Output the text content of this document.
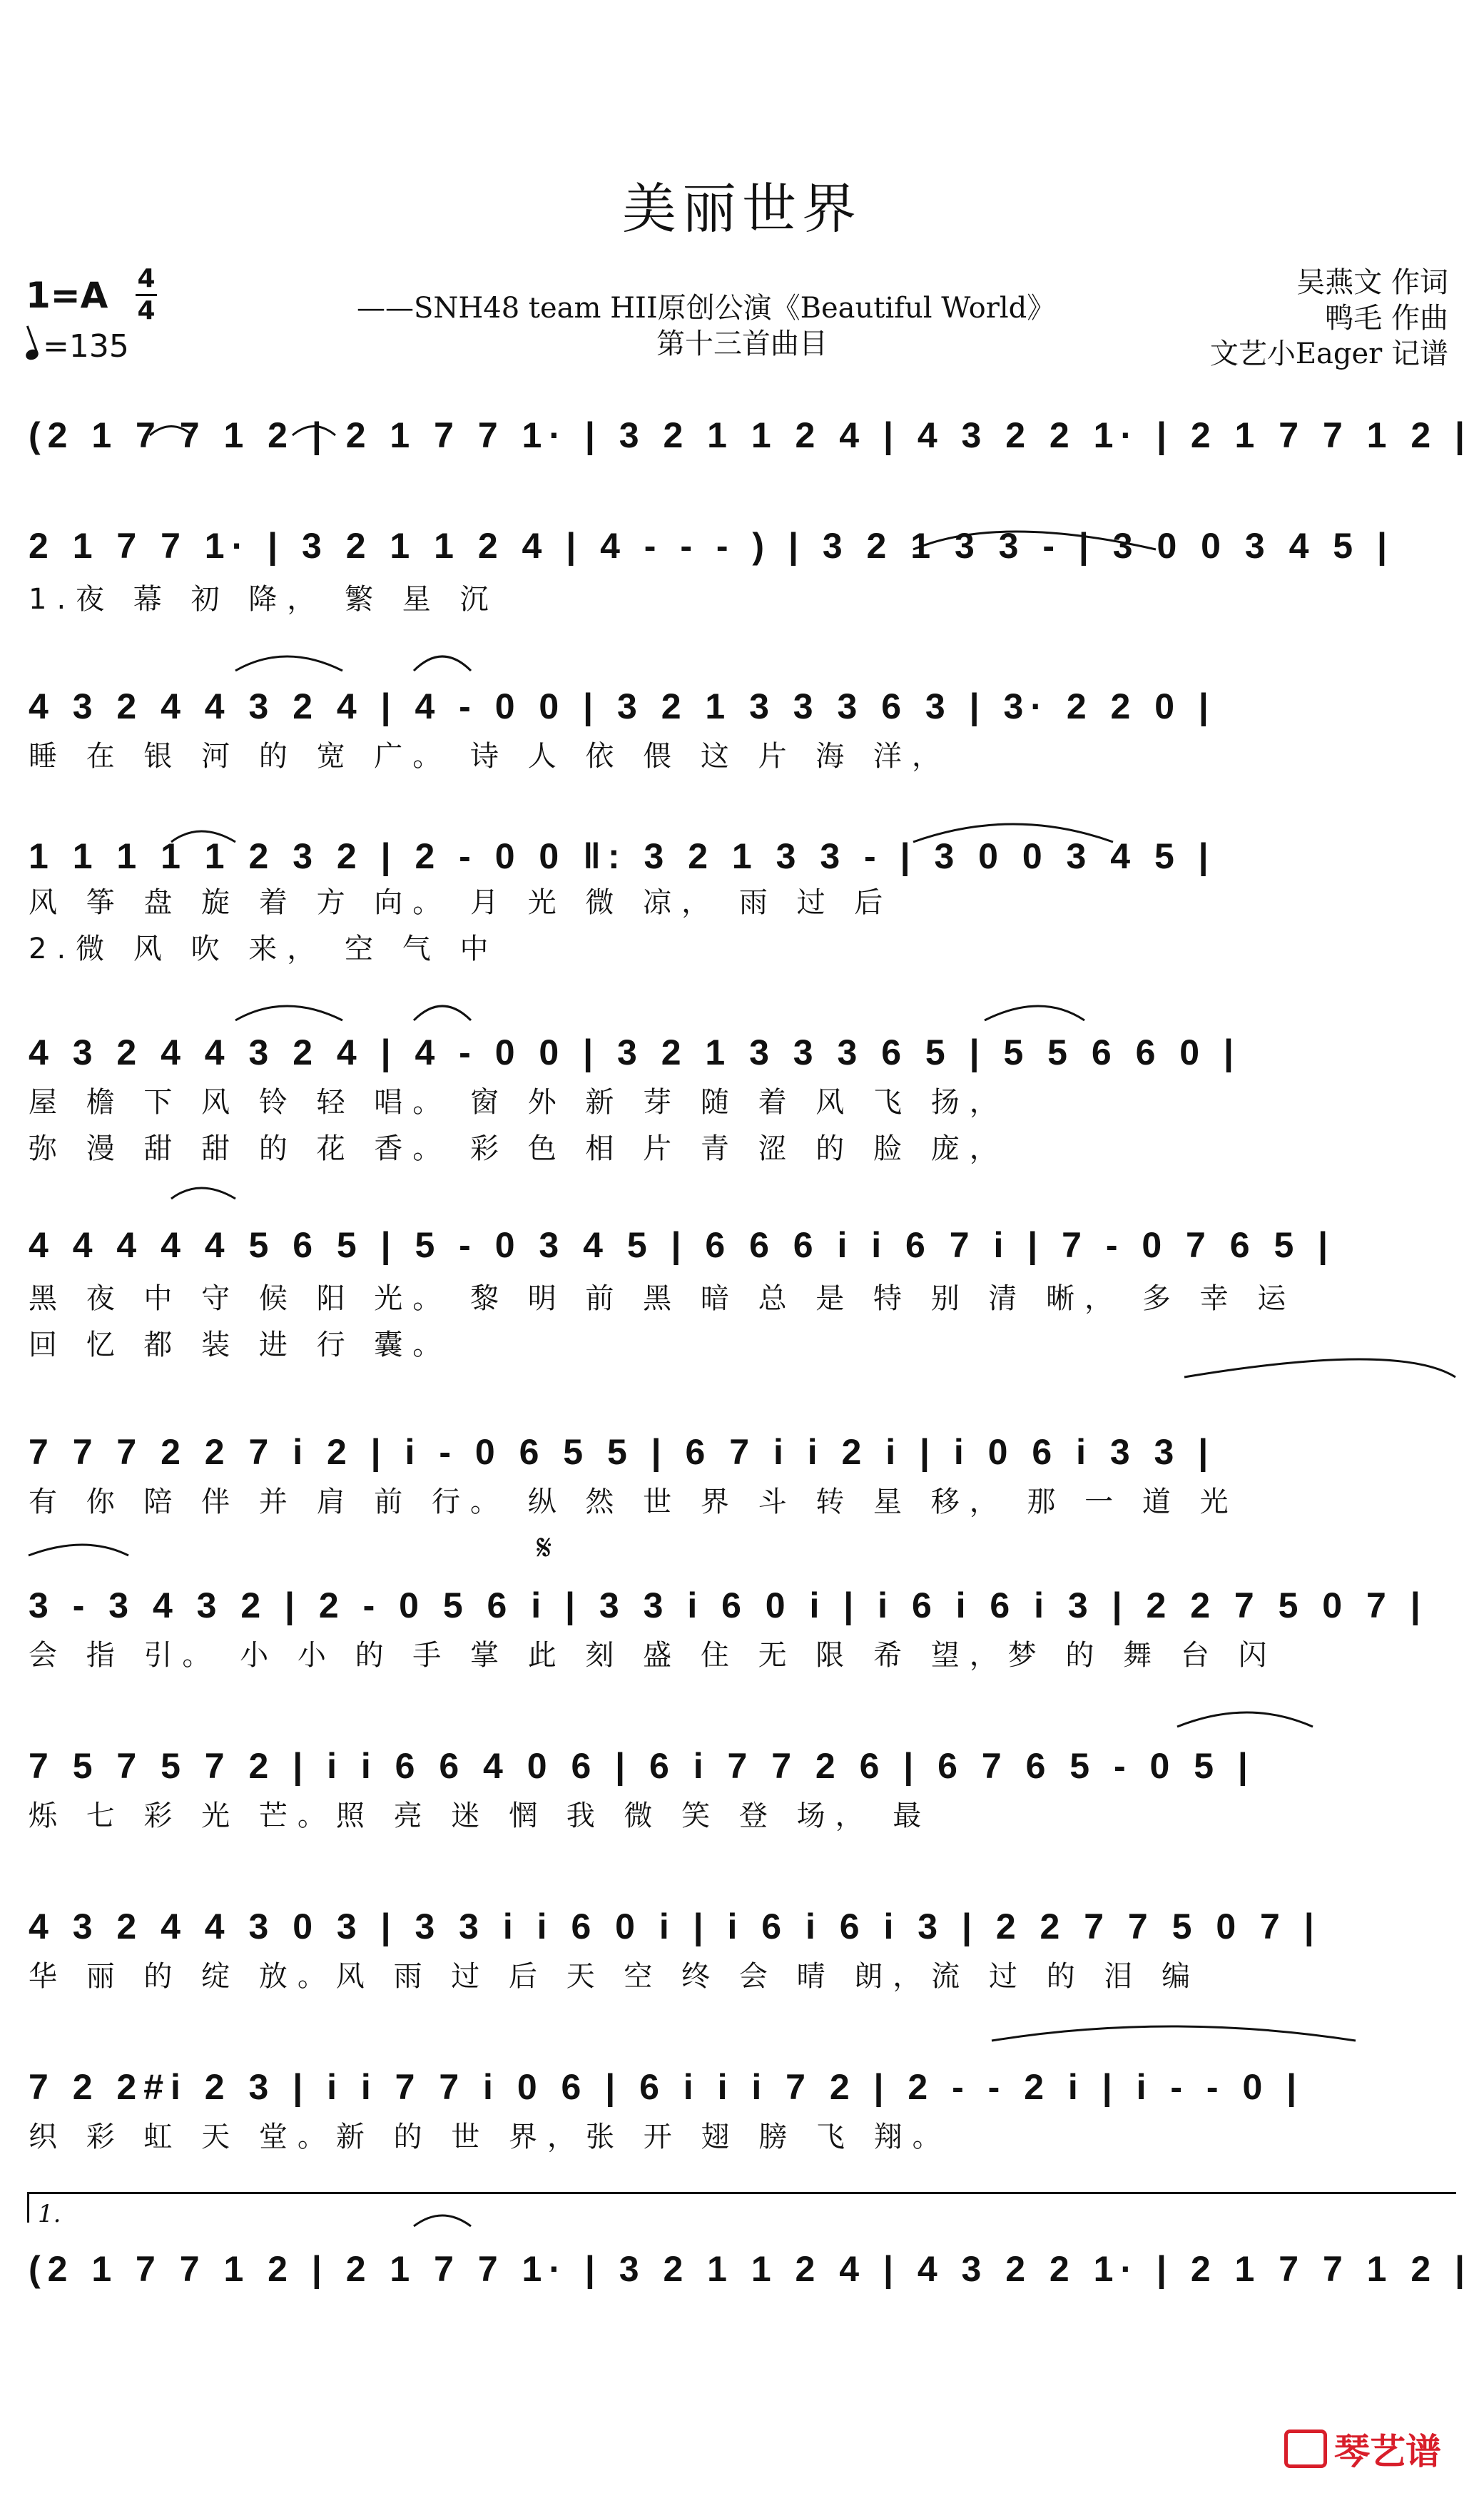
美丽世界
1=A 4
4
=135
——SNH48 team HII原创公演《Beautiful World》
第十三首曲目
吴燕文 作词
鸭毛 作曲
文艺小Eager 记谱
(2 1 7 7 1 2 | 2 1 7 7 1· | 3 2 1 1 2 4 | 4 3 2 2 1· | 2 1 7 7 1 2 |
2 1 7 7 1· | 3 2 1 1 2 4 | 4 - - - ) | 3 2 1 3 3 - | 3 0 0 3 4 5 |
1.夜 幕 初 降， 繁 星 沉
4 3 2 4 4 3 2 4 | 4 - 0 0 | 3 2 1 3 3 3 6 3 | 3· 2 2 0 |
睡 在 银 河 的 宽 广。 诗 人 依 偎 这 片 海 洋，
1 1 1 1 1 2 3 2 | 2 - 0 0 ‖: 3 2 1 3 3 - | 3 0 0 3 4 5 |
风 筝 盘 旋 着 方 向。 月 光 微 凉， 雨 过 后
2.微 风 吹 来， 空 气 中
4 3 2 4 4 3 2 4 | 4 - 0 0 | 3 2 1 3 3 3 6 5 | 5 5 6 6 0 |
屋 檐 下 风 铃 轻 唱。 窗 外 新 芽 随 着 风 飞 扬，
弥 漫 甜 甜 的 花 香。 彩 色 相 片 青 涩 的 脸 庞，
4 4 4 4 4 5 6 5 | 5 - 0 3 4 5 | 6 6 6 i i 6 7 i | 7 - 0 7 6 5 |
黑 夜 中 守 候 阳 光。 黎 明 前 黑 暗 总 是 特 别 清 晰， 多 幸 运
回 忆 都 装 进 行 囊。
7 7 7 2 2 7 i 2 | i - 0 6 5 5 | 6 7 i i 2 i | i 0 6 i 3 3 |
有 你 陪 伴 并 肩 前 行。 纵 然 世 界 斗 转 星 移， 那 一 道 光
3 - 3 4 3 2 | 2 - 0 5 6 i | 3 3 i 6 0 i | i 6 i 6 i 3 | 2 2 7 5 0 7 |
会 指 引。 小 小 的 手 掌 此 刻 盛 住 无 限 希 望，梦 的 舞 台 闪
7 5 7 5 7 2 | i i 6 6 4 0 6 | 6 i 7 7 2 6 | 6 7 6 5 - 0 5 |
烁 七 彩 光 芒。照 亮 迷 惘 我 微 笑 登 场， 最
4 3 2 4 4 3 0 3 | 3 3 i i 6 0 i | i 6 i 6 i 3 | 2 2 7 7 5 0 7 |
华 丽 的 绽 放。风 雨 过 后 天 空 终 会 晴 朗，流 过 的 泪 编
7 2 2#i 2 3 | i i 7 7 i 0 6 | 6 i i i 7 2 | 2 - - 2 i | i - - 0 |
织 彩 虹 天 堂。新 的 世 界，张 开 翅 膀 飞 翔。
(2 1 7 7 1 2 | 2 1 7 7 1· | 3 2 1 1 2 4 | 4 3 2 2 1· | 2 1 7 7 1 2 |
1.
𝄋
琴艺谱
